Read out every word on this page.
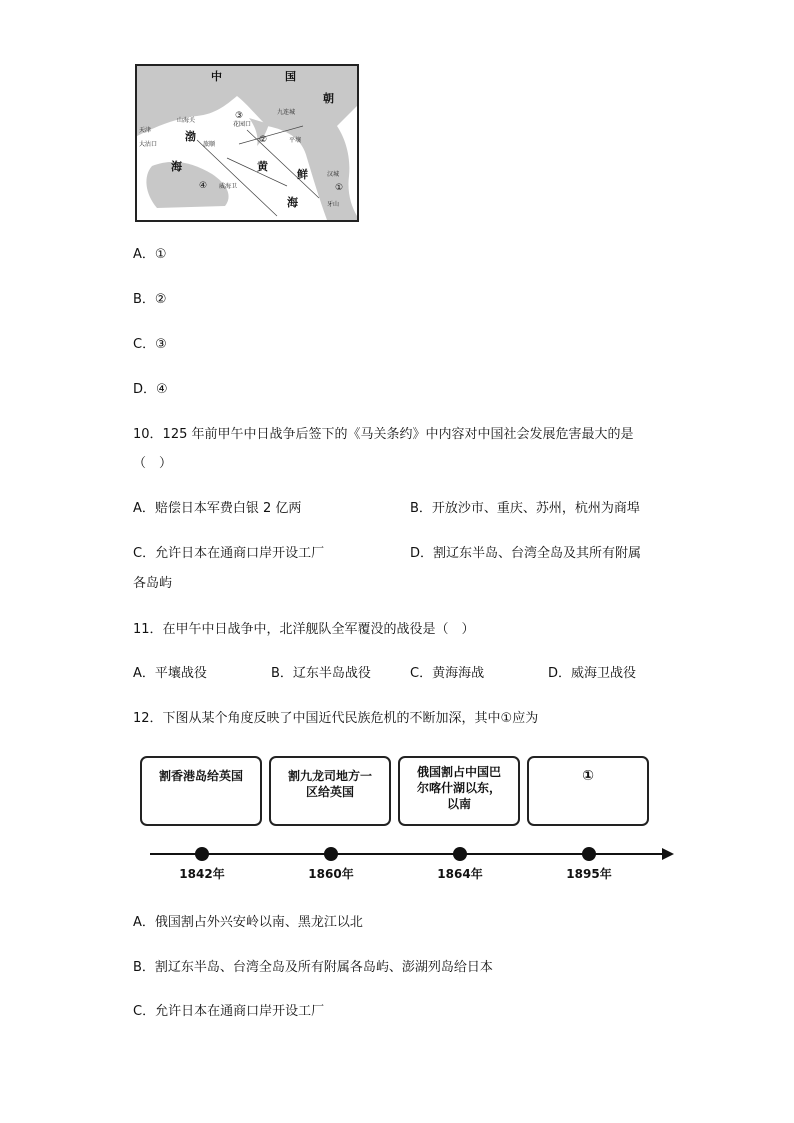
中	国
朝
鲜
渤
海	黄
海
山海关
天津
大沽口
九连城
花园口
平壤
旅顺
威海卫
汉城
牙山
①
②
③
④
A．①
B．②
C．③
D．④
10．125 年前甲午中日战争后签下的《马关条约》中内容对中国社会发展危害最大的是
（　）
A．赔偿日本军费白银 2 亿两	B．开放沙市、重庆、苏州，杭州为商埠
C．允许日本在通商口岸开设工厂	D．割辽东半岛、台湾全岛及其所有附属
各岛屿
11．在甲午中日战争中，北洋舰队全军覆没的战役是（　）
A．平壤战役	B．辽东半岛战役	C．黄海海战	D．威海卫战役
12．下图从某个角度反映了中国近代民族危机的不断加深，其中①应为
割香港岛给英国	割九龙司地方一
区给英国
俄国割占中国巴
尔喀什湖以东，
以南
①
1842年	1860年	1864年	1895年
A．俄国割占外兴安岭以南、黑龙江以北
B．割辽东半岛、台湾全岛及所有附属各岛屿、澎湖列岛给日本
C．允许日本在通商口岸开设工厂
